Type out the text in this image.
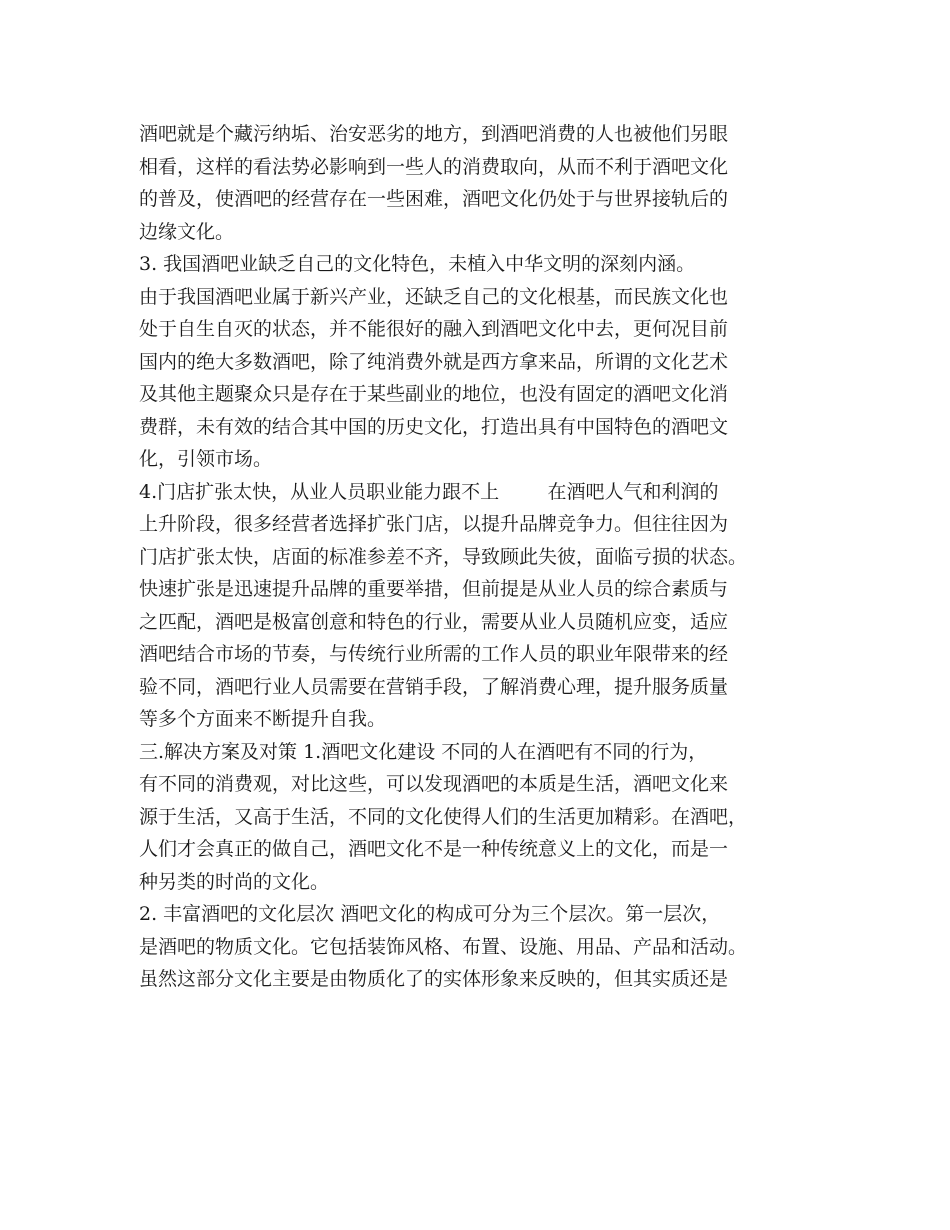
酒吧就是个藏污纳垢、治安恶劣的地方，到酒吧消费的人也被他们另眼
相看，这样的看法势必影响到一些人的消费取向，从而不利于酒吧文化
的普及，使酒吧的经营存在一些困难，酒吧文化仍处于与世界接轨后的
边缘文化。
3. 我国酒吧业缺乏自己的文化特色，未植入中华文明的深刻内涵。
由于我国酒吧业属于新兴产业，还缺乏自己的文化根基，而民族文化也
处于自生自灭的状态，并不能很好的融入到酒吧文化中去，更何况目前
国内的绝大多数酒吧，除了纯消费外就是西方拿来品，所谓的文化艺术
及其他主题聚众只是存在于某些副业的地位，也没有固定的酒吧文化消
费群，未有效的结合其中国的历史文化，打造出具有中国特色的酒吧文
化，引领市场。
4.门店扩张太快，从业人员职业能力跟不上        在酒吧人气和利润的
上升阶段，很多经营者选择扩张门店，以提升品牌竞争力。但往往因为
门店扩张太快，店面的标准参差不齐，导致顾此失彼，面临亏损的状态。
快速扩张是迅速提升品牌的重要举措，但前提是从业人员的综合素质与
之匹配，酒吧是极富创意和特色的行业，需要从业人员随机应变，适应
酒吧结合市场的节奏，与传统行业所需的工作人员的职业年限带来的经
验不同，酒吧行业人员需要在营销手段，了解消费心理，提升服务质量
等多个方面来不断提升自我。
三.解决方案及对策 1.酒吧文化建设 不同的人在酒吧有不同的行为，
有不同的消费观，对比这些，可以发现酒吧的本质是生活，酒吧文化来
源于生活，又高于生活，不同的文化使得人们的生活更加精彩。在酒吧，
人们才会真正的做自己，酒吧文化不是一种传统意义上的文化，而是一
种另类的时尚的文化。
2. 丰富酒吧的文化层次 酒吧文化的构成可分为三个层次。第一层次，
是酒吧的物质文化。它包括装饰风格、布置、设施、用品、产品和活动。
虽然这部分文化主要是由物质化了的实体形象来反映的，但其实质还是
